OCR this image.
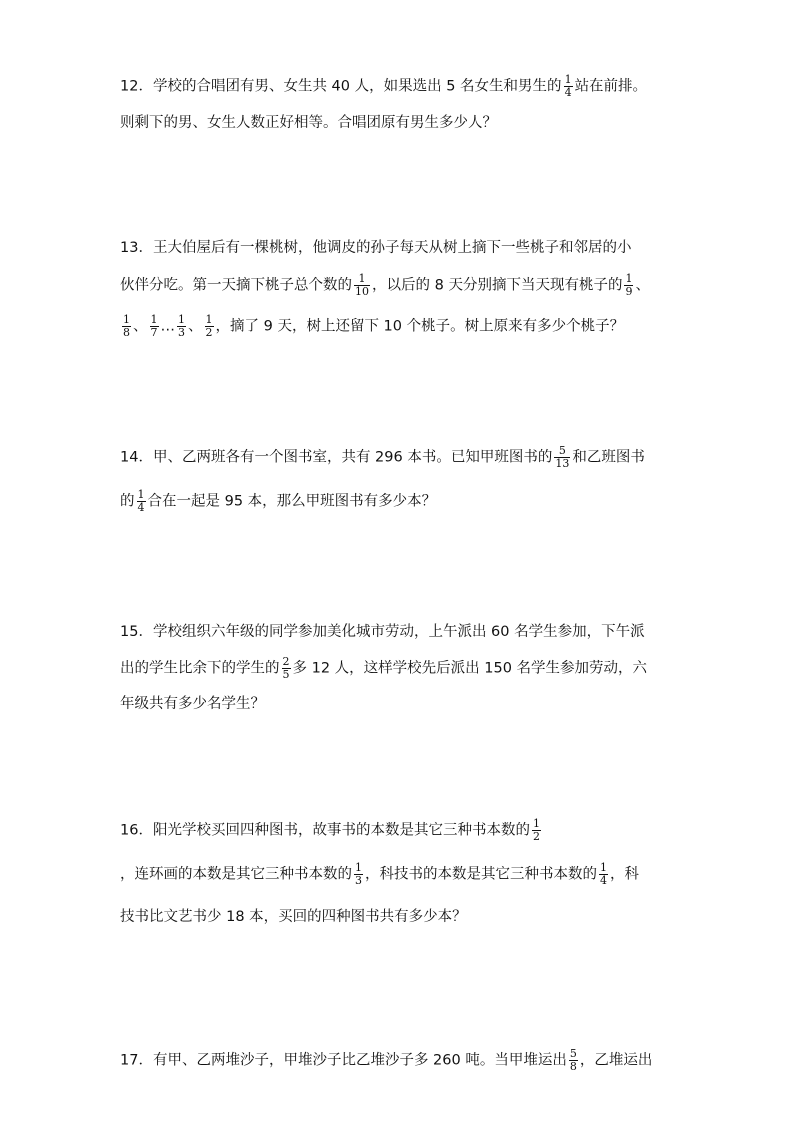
12．学校的合唱团有男、女生共 40 人，如果选出 5 名女生和男生的 $\frac{1}{4}$ 站在前排。
则剩下的男、女生人数正好相等。合唱团原有男生多少人？
13．王大伯屋后有一棵桃树，他调皮的孙子每天从树上摘下一些桃子和邻居的小
伙伴分吃。第一天摘下桃子总个数的 $\frac{1}{10}$ ，以后的 8 天分别摘下当天现有桃子的 $\frac{1}{9}$ 、
$\frac{1}{8}$ 、 $\frac{1}{7}$ … $\frac{1}{3}$ 、 $\frac{1}{2}$ ，摘了 9 天，树上还留下 10 个桃子。树上原来有多少个桃子？
14．甲、乙两班各有一个图书室，共有 296 本书。已知甲班图书的 $\frac{5}{13}$ 和乙班图书
的 $\frac{1}{4}$ 合在一起是 95 本，那么甲班图书有多少本？
15．学校组织六年级的同学参加美化城市劳动，上午派出 60 名学生参加，下午派
出的学生比余下的学生的 $\frac{2}{5}$ 多 12 人，这样学校先后派出 150 名学生参加劳动，六
年级共有多少名学生？
16．阳光学校买回四种图书，故事书的本数是其它三种书本数的 $\frac{1}{2}$
，连环画的本数是其它三种书本数的 $\frac{1}{3}$ ，科技书的本数是其它三种书本数的 $\frac{1}{4}$ ，科
技书比文艺书少 18 本，买回的四种图书共有多少本？
17．有甲、乙两堆沙子，甲堆沙子比乙堆沙子多 260 吨。当甲堆运出 $\frac{5}{8}$ ，乙堆运出
